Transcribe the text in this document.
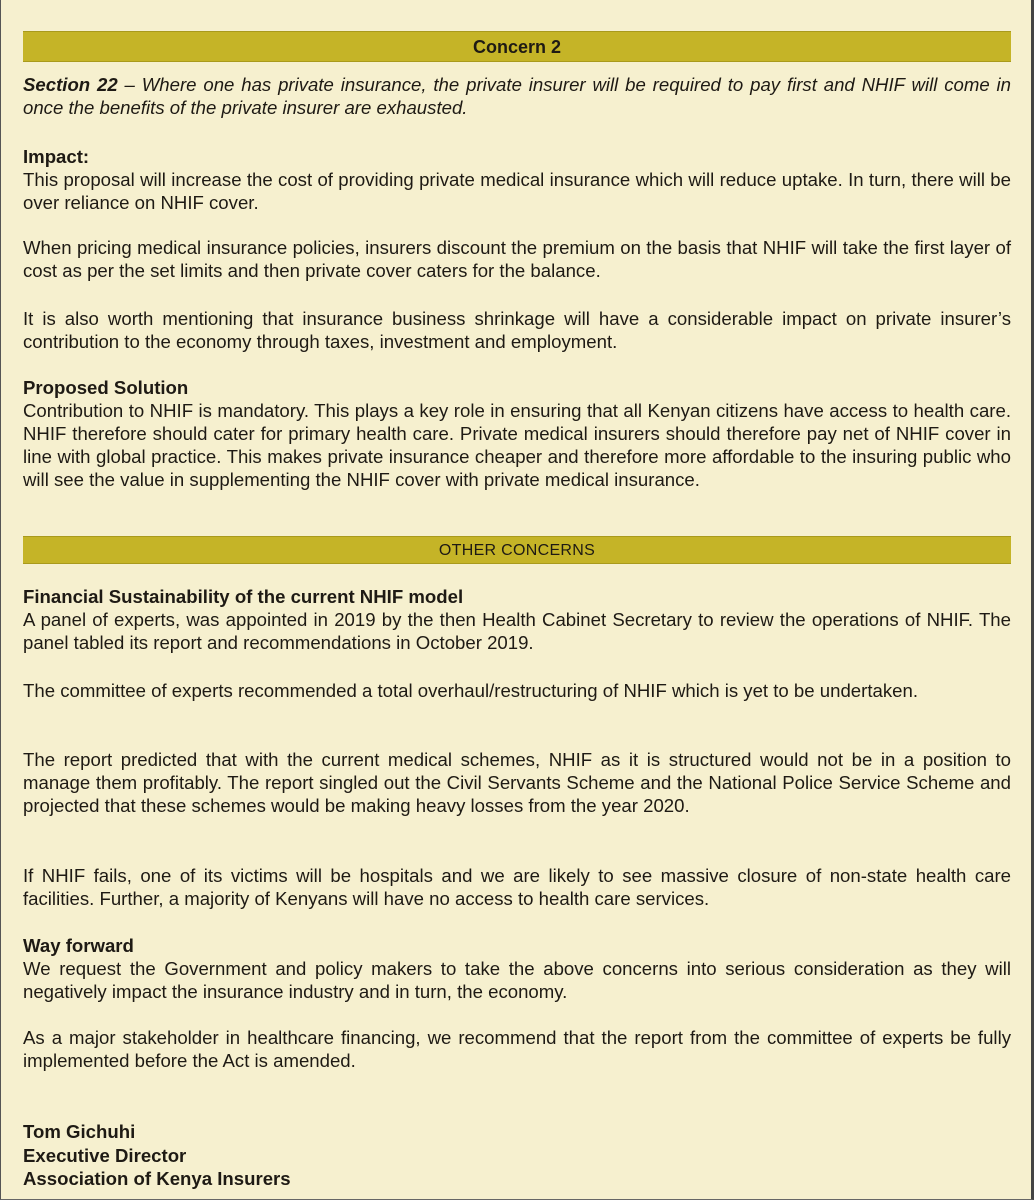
Concern 2
Section 22 – Where one has private insurance, the private insurer will be required to pay first and NHIF will come in once the benefits of the private insurer are exhausted.
Impact:
This proposal will increase the cost of providing private medical insurance which will reduce uptake. In turn, there will be over reliance on NHIF cover.
When pricing medical insurance policies, insurers discount the premium on the basis that NHIF will take the first layer of cost as per the set limits and then private cover caters for the balance.
It is also worth mentioning that insurance business shrinkage will have a considerable impact on private insurer’s contribution to the economy through taxes, investment and employment.
Proposed Solution
Contribution to NHIF is mandatory. This plays a key role in ensuring that all Kenyan citizens have access to health care. NHIF therefore should cater for primary health care. Private medical insurers should therefore pay net of NHIF cover in line with global practice. This makes private insurance cheaper and therefore more affordable to the insuring public who will see the value in supplementing the NHIF cover with private medical insurance.
OTHER CONCERNS
Financial Sustainability of the current NHIF model
A panel of experts, was appointed in 2019 by the then Health Cabinet Secretary to review the operations of NHIF. The panel tabled its report and recommendations in October 2019.
The committee of experts recommended a total overhaul/restructuring of NHIF which is yet to be undertaken.
The report predicted that with the current medical schemes, NHIF as it is structured would not be in a position to manage them profitably. The report singled out the Civil Servants Scheme and the National Police Service Scheme and projected that these schemes would be making heavy losses from the year 2020.
If NHIF fails, one of its victims will be hospitals and we are likely to see massive closure of non-state health care facilities. Further, a majority of Kenyans will have no access to health care services.
Way forward
We request the Government and policy makers to take the above concerns into serious consideration as they will negatively impact the insurance industry and in turn, the economy.
As a major stakeholder in healthcare financing, we recommend that the report from the committee of experts be fully implemented before the Act is amended.
Tom Gichuhi
Executive Director
Association of Kenya Insurers
